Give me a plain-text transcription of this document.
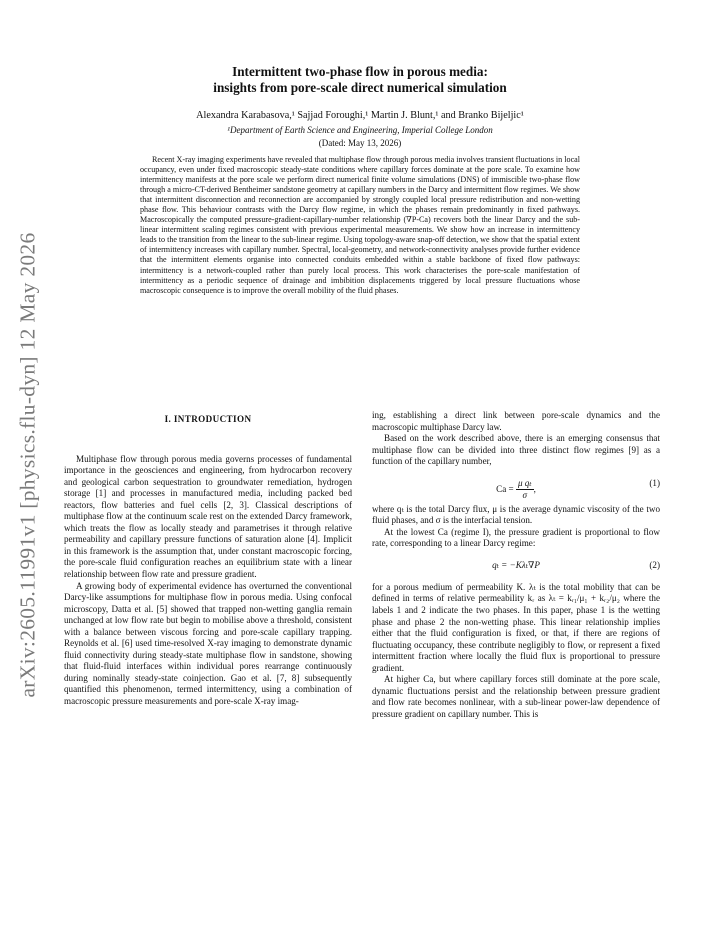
arXiv:2605.11991v1 [physics.flu-dyn] 12 May 2026
Intermittent two-phase flow in porous media:
insights from pore-scale direct numerical simulation
Alexandra Karabasova,¹ Sajjad Foroughi,¹ Martin J. Blunt,¹ and Branko Bijeljic¹
¹Department of Earth Science and Engineering, Imperial College London
(Dated: May 13, 2026)
Recent X-ray imaging experiments have revealed that multiphase flow through porous media involves transient fluctuations in local occupancy, even under fixed macroscopic steady-state conditions where capillary forces dominate at the pore scale. To examine how intermittency manifests at the pore scale we perform direct numerical finite volume simulations (DNS) of immiscible two-phase flow through a micro-CT-derived Bentheimer sandstone geometry at capillary numbers in the Darcy and intermittent flow regimes. We show that intermittent disconnection and reconnection are accompanied by strongly coupled local pressure redistribution and non-wetting phase flow. This behaviour contrasts with the Darcy flow regime, in which the phases remain predominantly in fixed pathways. Macroscopically the computed pressure-gradient-capillary-number relationship (∇P-Ca) recovers both the linear Darcy and the sub-linear intermittent scaling regimes consistent with previous experimental measurements. We show how an increase in intermittency leads to the transition from the linear to the sub-linear regime. Using topology-aware snap-off detection, we show that the spatial extent of intermittency increases with capillary number. Spectral, local-geometry, and network-connectivity analyses provide further evidence that the intermittent elements organise into connected conduits embedded within a stable backbone of fixed flow pathways: intermittency is a network-coupled rather than purely local process. This work characterises the pore-scale manifestation of intermittency as a periodic sequence of drainage and imbibition displacements triggered by local pressure fluctuations whose macroscopic consequence is to improve the overall mobility of the fluid phases.
I. INTRODUCTION

Multiphase flow through porous media governs processes of fundamental importance in the geosciences and engineering, from hydrocarbon recovery and geological carbon sequestration to groundwater remediation, hydrogen storage [1] and processes in manufactured media, including packed bed reactors, flow batteries and fuel cells [2, 3]. Classical descriptions of multiphase flow at the continuum scale rest on the extended Darcy framework, which treats the flow as locally steady and parametrises it through relative permeability and capillary pressure functions of saturation alone [4]. Implicit in this framework is the assumption that, under constant macroscopic forcing, the pore-scale fluid configuration reaches an equilibrium state with a linear relationship between flow rate and pressure gradient.

A growing body of experimental evidence has overturned the conventional Darcy-like assumptions for multiphase flow in porous media. Using confocal microscopy, Datta et al. [5] showed that trapped non-wetting ganglia remain unchanged at low flow rate but begin to mobilise above a threshold, consistent with a balance between viscous forcing and pore-scale capillary trapping. Reynolds et al. [6] used time-resolved X-ray imaging to demonstrate dynamic fluid connectivity during steady-state multiphase flow in sandstone, showing that fluid-fluid interfaces within individual pores rearrange continuously during nominally steady-state coinjection. Gao et al. [7, 8] subsequently quantified this phenomenon, termed intermittency, using a combination of macroscopic pressure measurements and pore-scale X-ray imag-

ing, establishing a direct link between pore-scale dynamics and the macroscopic multiphase Darcy law.

Based on the work described above, there is an emerging consensus that multiphase flow can be divided into three distinct flow regimes [9] as a function of the capillary number,

$Ca = \frac{\text{μ qₜ}}{\sigma}$ ,
(1)

where qₜ is the total Darcy flux, μ is the average dynamic viscosity of the two fluid phases, and σ is the interfacial tension.

At the lowest Ca (regime I), the pressure gradient is proportional to flow rate, corresponding to a linear Darcy regime:

qₜ = −Kλₜ∇P	(2)

for a porous medium of permeability K. λₜ is the total mobility that can be defined in terms of relative permeability kᵣ as λₜ = kᵣ₁/μ₁ + kᵣ₂/μ₂ where the labels 1 and 2 indicate the two phases. In this paper, phase 1 is the wetting phase and phase 2 the non-wetting phase. This linear relationship implies either that the fluid configuration is fixed, or that, if there are regions of fluctuating occupancy, these contribute negligibly to flow, or represent a fixed intermittent fraction where locally the fluid flux is proportional to pressure gradient.

At higher Ca, but where capillary forces still dominate at the pore scale, dynamic fluctuations persist and the relationship between pressure gradient and flow rate becomes nonlinear, with a sub-linear power-law dependence of pressure gradient on capillary number. This is
